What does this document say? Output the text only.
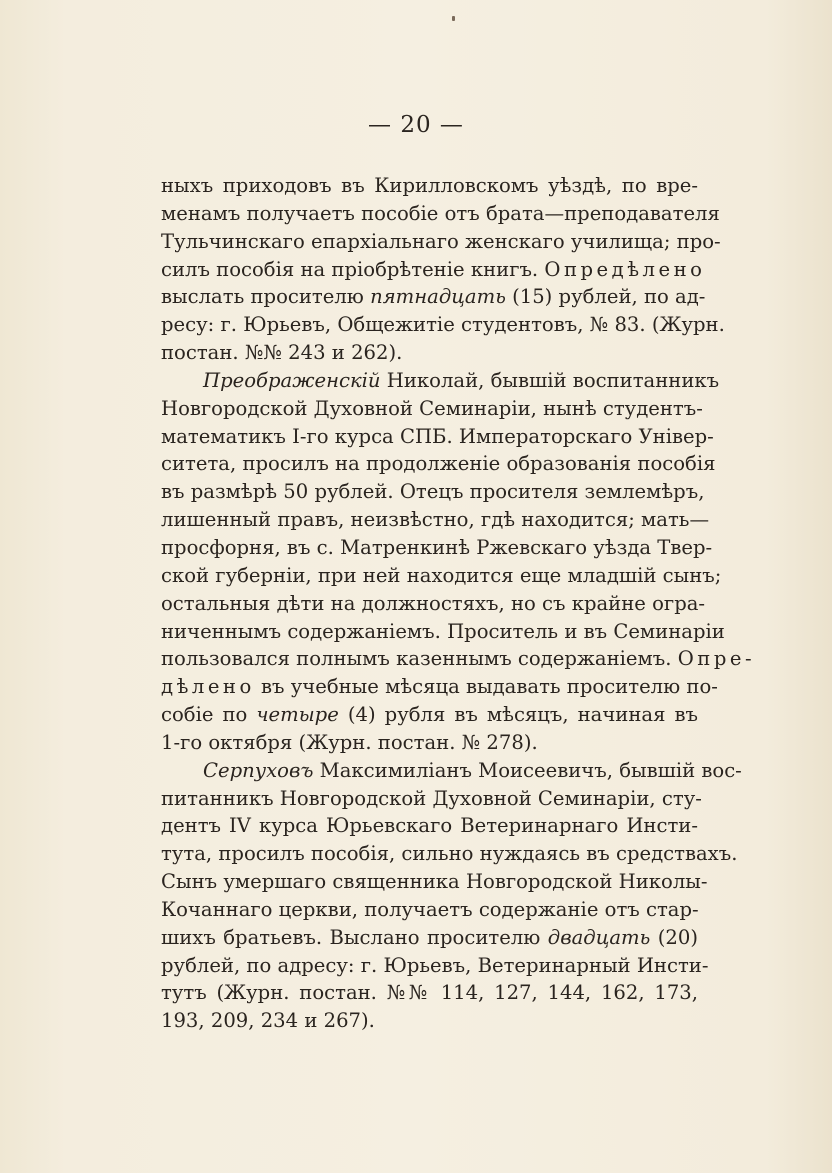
— 20 —
ныхъ приходовъ въ Кирилловскомъ уѣздѣ, по вре-
менамъ получаетъ пособіе отъ брата—преподавателя
Тульчинскаго епархіальнаго женскаго училища; про-
силъ пособія на пріобрѣтеніе книгъ. Опредѣлено
выслать просителю пятнадцать (15) рублей, по ад-
ресу: г. Юрьевъ, Общежитіе студентовъ, № 83. (Журн.
постан. №№ 243 и 262).
Преображенскій Николай, бывшій воспитанникъ
Новгородской Духовной Семинаріи, нынѣ студентъ-
математикъ І-го курса СПБ. Императорскаго Універ-
ситета, просилъ на продолженіе образованія пособія
въ размѣрѣ 50 рублей. Отецъ просителя землемѣръ,
лишенный правъ, неизвѣстно, гдѣ находится; мать—
просфорня, въ с. Матренкинѣ Ржевскаго уѣзда Твер-
ской губерніи, при ней находится еще младшій сынъ;
остальныя дѣти на должностяхъ, но съ крайне огра-
ниченнымъ содержаніемъ. Проситель и въ Семинаріи
пользовался полнымъ казеннымъ содержаніемъ. Опре-
дѣлено въ учебные мѣсяца выдавать просителю по-
собіе по четыре (4) рубля въ мѣсяцъ, начиная въ
1-го октября (Журн. постан. № 278).
Серпуховъ Максимиліанъ Моисеевичъ, бывшій вос-
питанникъ Новгородской Духовной Семинаріи, сту-
дентъ IV курса Юрьевскаго Ветеринарнаго Инсти-
тута, просилъ пособія, сильно нуждаясь въ средствахъ.
Сынъ умершаго священника Новгородской Николы-
Кочаннаго церкви, получаетъ содержаніе отъ стар-
шихъ братьевъ. Выслано просителю двадцать (20)
рублей, по адресу: г. Юрьевъ, Ветеринарный Инсти-
тутъ (Журн. постан. №№ 114, 127, 144, 162, 173,
193, 209, 234 и 267).
